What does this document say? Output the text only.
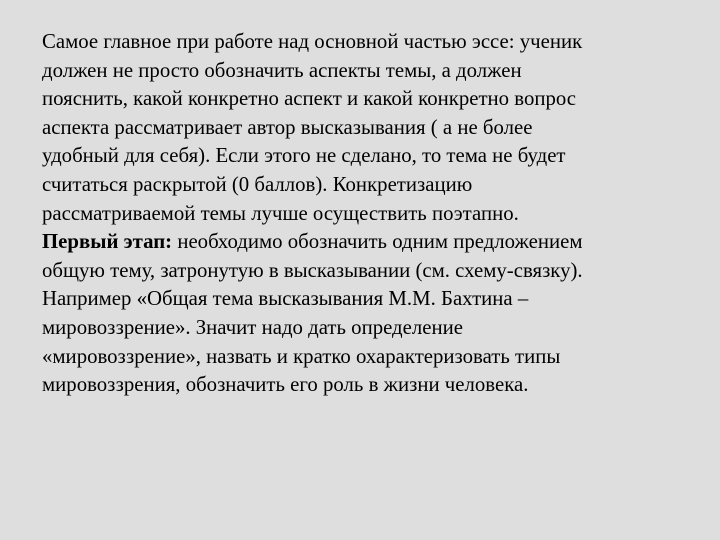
Самое главное при работе над основной частью эссе: ученик
должен не просто обозначить аспекты темы, а должен
пояснить, какой конкретно аспект и какой конкретно вопрос
аспекта рассматривает автор высказывания ( а не более
удобный для себя). Если этого не сделано, то тема не будет
считаться раскрытой (0 баллов). Конкретизацию
рассматриваемой темы лучше осуществить поэтапно.
Первый этап: необходимо обозначить одним предложением
общую тему, затронутую в высказывании (см. схему-связку).
Например «Общая тема высказывания М.М. Бахтина –
мировоззрение». Значит надо дать определение
«мировоззрение», назвать и кратко охарактеризовать типы
мировоззрения, обозначить его роль в жизни человека.
